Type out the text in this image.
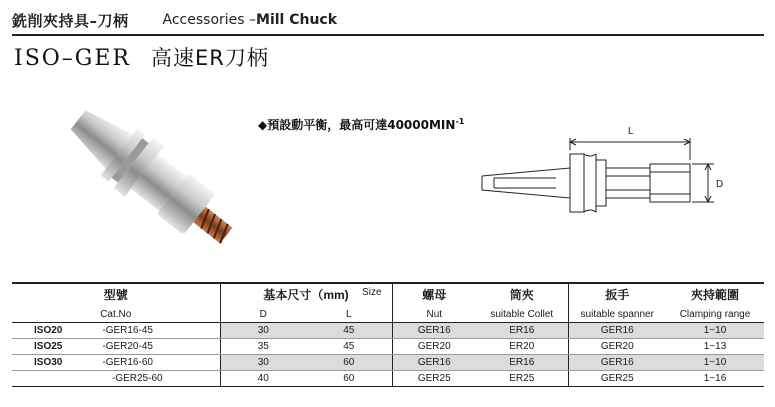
銑削夾持具–刀柄 Accessories –Mill Chuck
ISO–GER 高速ER刀柄
◆預設動平衡，最高可達$40000MIN^{-1}$
L
D
型號	基本尺寸（mm) Size		螺母	筒夾	扳手	夾持範圍
Cat.No	D	L	Nut	suitable Collet	suitable spanner	Clamping range
ISO20 -GER16-45	30	45	GER16	ER16	GER16	1~10
ISO25 -GER20-45	35	45	GER20	ER20	GER20	1~13
ISO30 -GER16-60	30	60	GER16	ER16	GER16	1~10
-GER25-60	40	60	GER25	ER25	GER25	1~16
